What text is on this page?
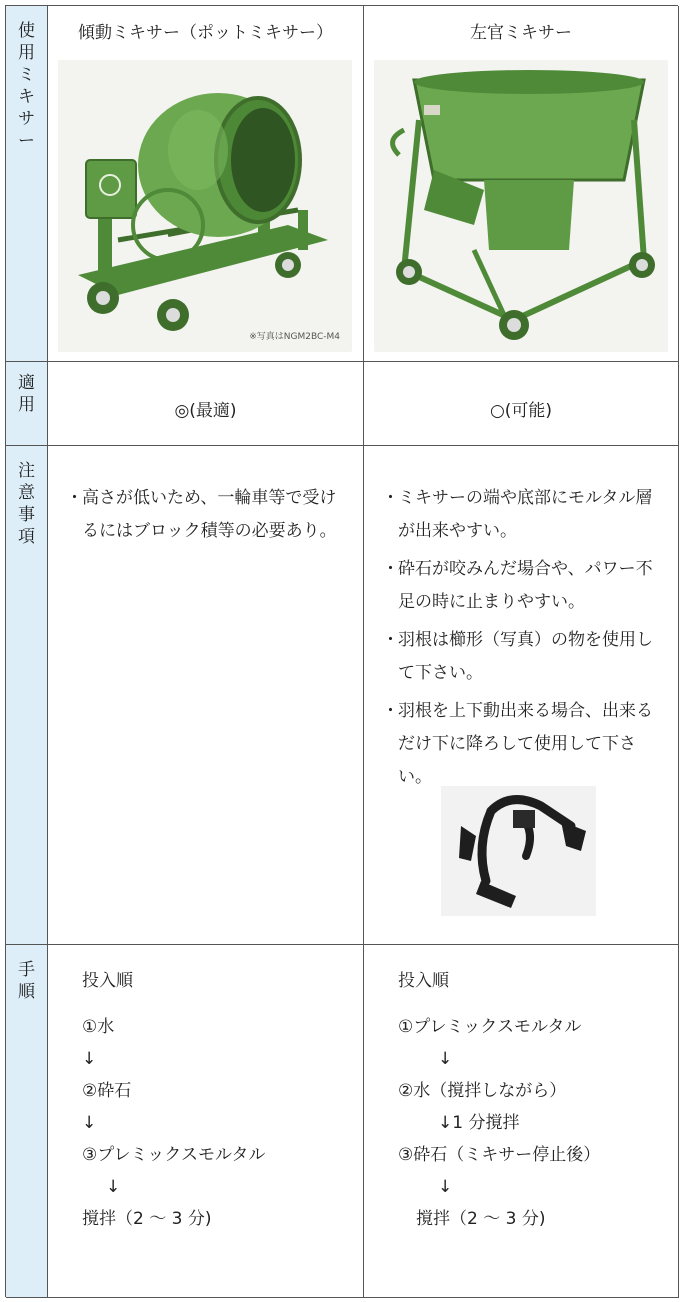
使
用
ミ
キ
サ
ー
傾動ミキサー（ポットミキサー）
※写真はNGM2BC-M4
左官ミキサー
適
用	◎(最適)	○(可能)
注
意
事
項
・ 高さが低いため、一輪車等で受けるにはブロック積等の必要あり。
・ ミキサーの端や底部にモルタル層が出来やすい。
・ 砕石が咬みんだ場合や、パワー不足の時に止まりやすい。
・ 羽根は櫛形（写真）の物を使用して下さい。
・ 羽根を上下動出来る場合、出来るだけ下に降ろして使用して下さい。
手
順
投入順
①水
↓
②砕石
↓
③プレミックスモルタル
↓
撹拌（2 ～ 3 分)
投入順
①プレミックスモルタル
↓
②水（撹拌しながら）
↓1 分撹拌
③砕石（ミキサー停止後）
↓
撹拌（2 ～ 3 分)
